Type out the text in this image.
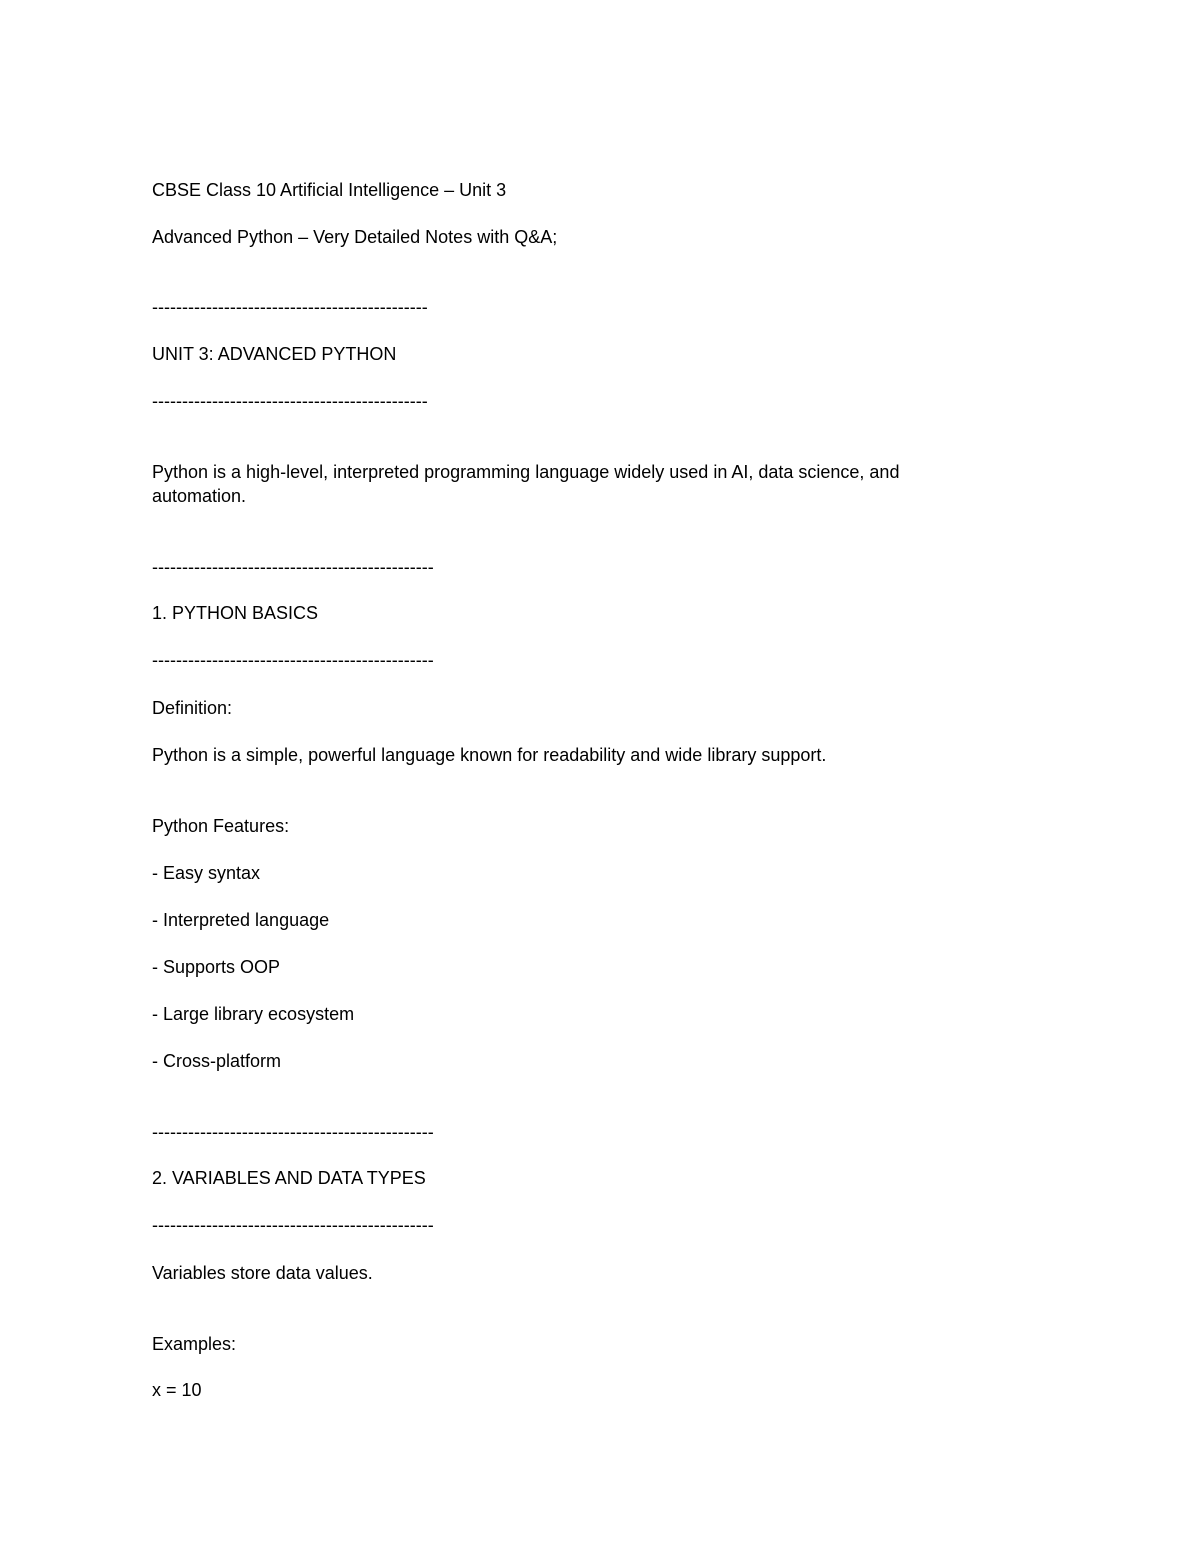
CBSE Class 10 Artificial Intelligence – Unit 3

Advanced Python – Very Detailed Notes with Q&A;

----------------------------------------------

UNIT 3: ADVANCED PYTHON

----------------------------------------------

Python is a high-level, interpreted programming language widely used in AI, data science, and automation.

-----------------------------------------------

1. PYTHON BASICS

-----------------------------------------------

Definition:

Python is a simple, powerful language known for readability and wide library support.

Python Features:

- Easy syntax

- Interpreted language

- Supports OOP

- Large library ecosystem

- Cross-platform

-----------------------------------------------

2. VARIABLES AND DATA TYPES

-----------------------------------------------

Variables store data values.

Examples:

x = 10
